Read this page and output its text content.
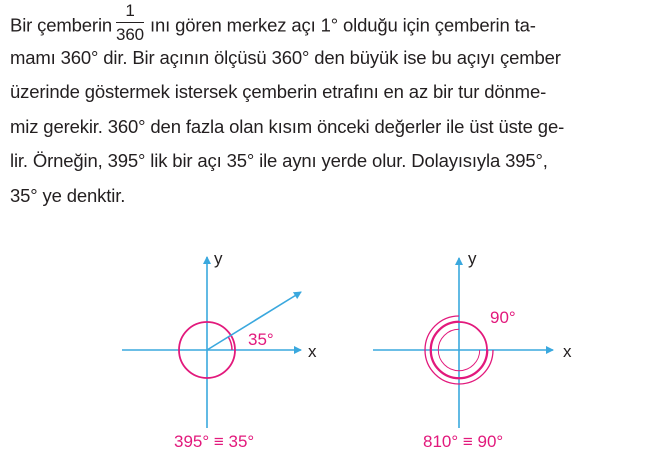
Bir çemberin $\frac{1}{360}$ ını gören merkez açı 1° olduğu için çemberin ta-
mamı 360° dir. Bir açının ölçüsü 360° den büyük ise bu açıyı çember
üzerinde göstermek istersek çemberin etrafını en az bir tur dönme-
miz gerekir. 360° den fazla olan kısım önceki değerler ile üst üste ge-
lir. Örneğin, 395° lik bir açı 35° ile aynı yerde olur. Dolayısıyla 395°,
35° ye denktir.
35°
y
x
395° ≡ 35°
90°
y
x
810° ≡ 90°
